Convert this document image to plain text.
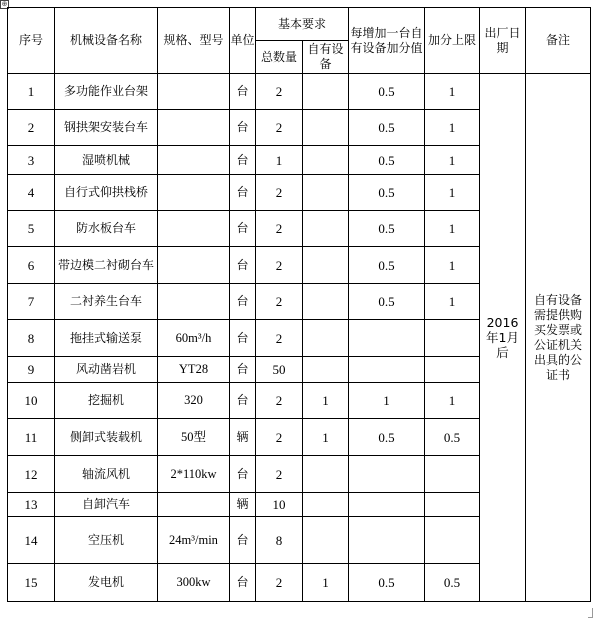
⊕
序号	机械设备名称	规格、型号	单位	基本要求		每增加一台自有设备加分值	加分上限	出厂日期	备注
				总数量	自有设备				
1	多功能作业台架		台	2		0.5	1	2016年1月后	自有设备需提供购买发票或公证机关出具的公证书

2	钢拱架安装台车		台	2		0.5	1		
3	湿喷机械		台	1		0.5	1		
4	自行式仰拱栈桥		台	2		0.5	1		
5	防水板台车		台	2		0.5	1		
6	带边模二衬砌台车		台	2		0.5	1		
7	二衬养生台车		台	2		0.5	1		
8	拖挂式输送泵	60m³/h	台	2					
9	风动凿岩机	YT28	台	50					
10	挖掘机	320	台	2	1	1	1		
11	侧卸式装载机	50型	辆	2	1	0.5	0.5		
12	轴流风机	2*110kw	台	2					
13	自卸汽车		辆	10					
14	空压机	24m³/min	台	8					
15	发电机	300kw	台	2	1	0.5	0.5		
